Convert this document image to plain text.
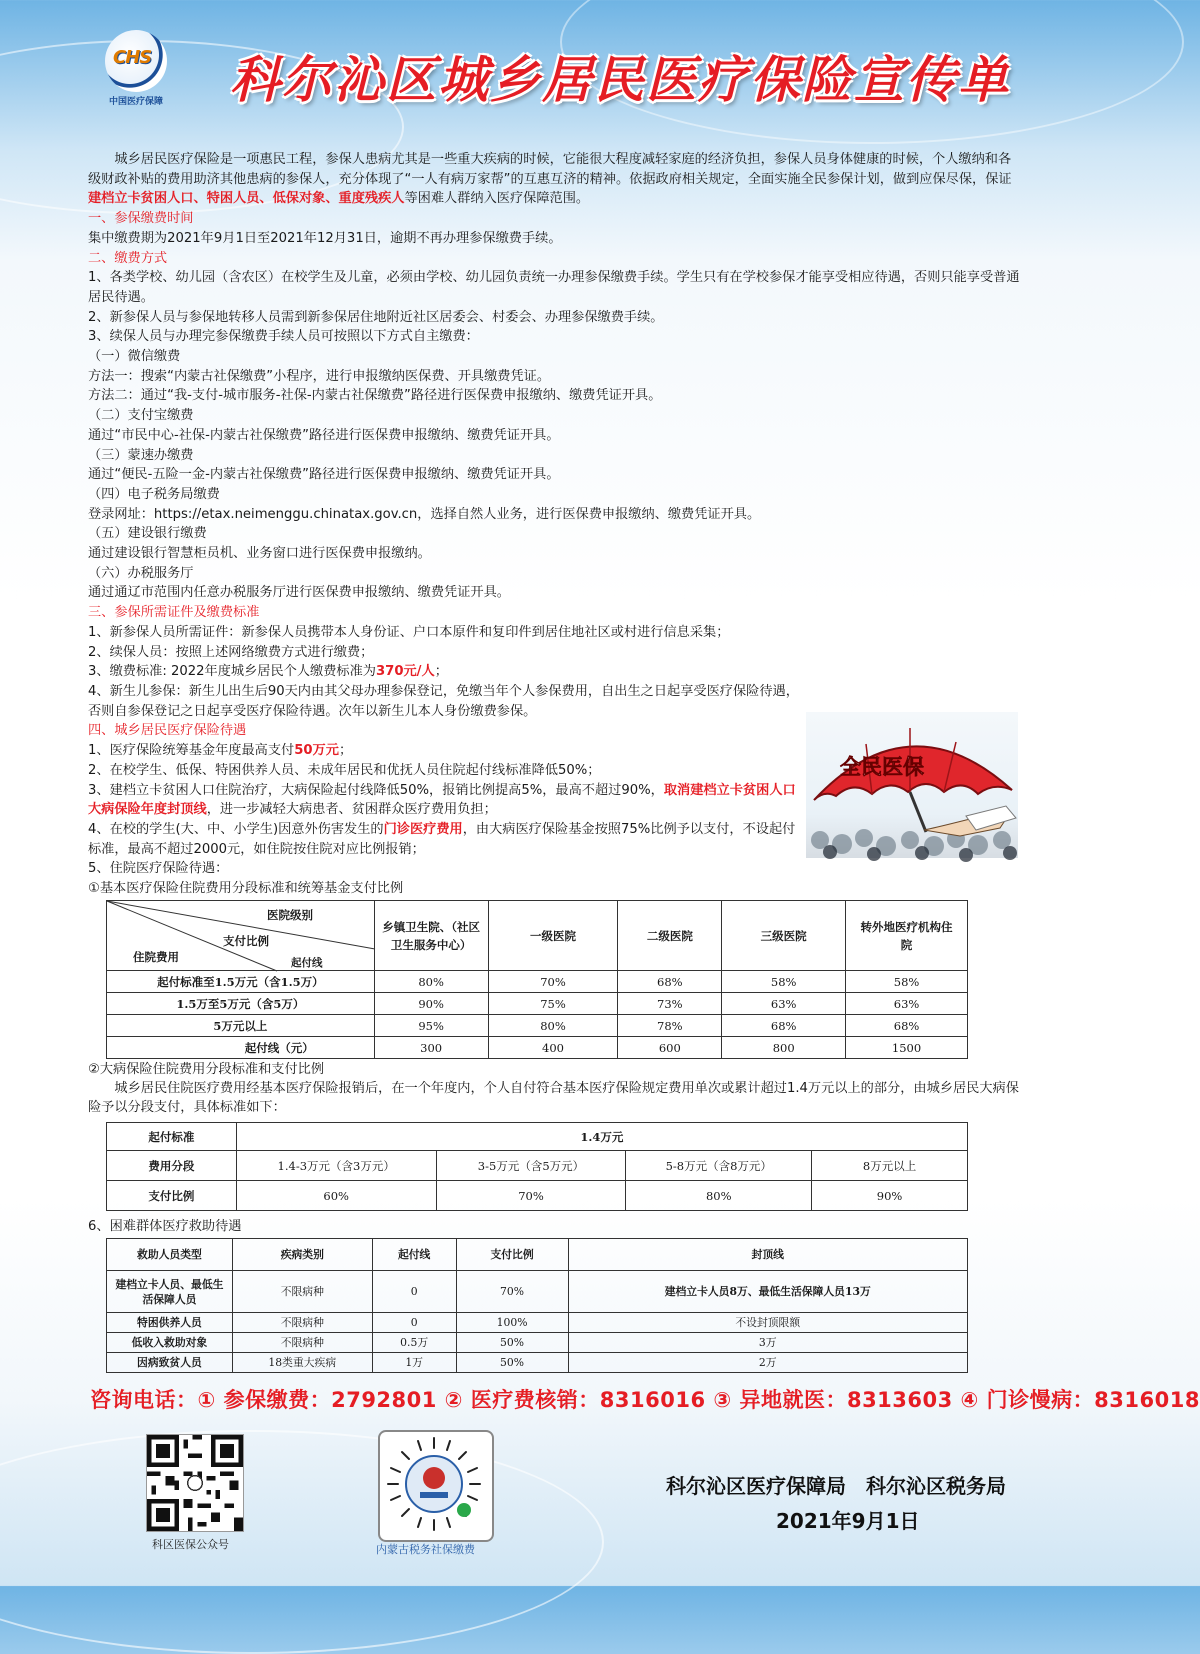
CHS
中国医疗保障 科尔沁区城乡居民医疗保险宣传单

城乡居民医疗保险是一项惠民工程，参保人患病尤其是一些重大疾病的时候，它能很大程度减轻家庭的经济负担，参保人员身体健康的时候，个人缴纳和各级财政补贴的费用助济其他患病的参保人，充分体现了“一人有病万家帮”的互惠互济的精神。依据政府相关规定，全面实施全民参保计划，做到应保尽保，保证建档立卡贫困人口、特困人员、低保对象、重度残疾人等困难人群纳入医疗保障范围。

一、参保缴费时间

集中缴费期为2021年9月1日至2021年12月31日，逾期不再办理参保缴费手续。

二、缴费方式

1、各类学校、幼儿园（含农区）在校学生及儿童，必须由学校、幼儿园负责统一办理参保缴费手续。学生只有在学校参保才能享受相应待遇，否则只能享受普通居民待遇。

2、新参保人员与参保地转移人员需到新参保居住地附近社区居委会、村委会、办理参保缴费手续。

3、续保人员与办理完参保缴费手续人员可按照以下方式自主缴费：

（一）微信缴费

方法一：搜索“内蒙古社保缴费”小程序，进行申报缴纳医保费、开具缴费凭证。

方法二：通过“我-支付-城市服务-社保-内蒙古社保缴费”路径进行医保费申报缴纳、缴费凭证开具。

（二）支付宝缴费

通过“市民中心-社保-内蒙古社保缴费”路径进行医保费申报缴纳、缴费凭证开具。

（三）蒙速办缴费

通过“便民-五险一金-内蒙古社保缴费”路径进行医保费申报缴纳、缴费凭证开具。

（四）电子税务局缴费

登录网址：https://etax.neimenggu.chinatax.gov.cn，选择自然人业务，进行医保费申报缴纳、缴费凭证开具。

（五）建设银行缴费

通过建设银行智慧柜员机、业务窗口进行医保费申报缴纳。

（六）办税服务厅

通过通辽市范围内任意办税服务厅进行医保费申报缴纳、缴费凭证开具。

三、参保所需证件及缴费标准

1、新参保人员所需证件：新参保人员携带本人身份证、户口本原件和复印件到居住地社区或村进行信息采集；

2、续保人员：按照上述网络缴费方式进行缴费；

3、缴费标准: 2022年度城乡居民个人缴费标准为370元/人；

4、新生儿参保：新生儿出生后90天内由其父母办理参保登记，免缴当年个人参保费用，自出生之日起享受医疗保险待遇，否则自参保登记之日起享受医疗保险待遇。次年以新生儿本人身份缴费参保。

四、城乡居民医疗保险待遇

1、医疗保险统筹基金年度最高支付50万元；

2、在校学生、低保、特困供养人员、未成年居民和优抚人员住院起付线标准降低50%；

3、建档立卡贫困人口住院治疗，大病保险起付线降低50%，报销比例提高5%，最高不超过90%，取消建档立卡贫困人口大病保险年度封顶线，进一步减轻大病患者、贫困群众医疗费用负担；

4、在校的学生(大、中、小学生)因意外伤害发生的门诊医疗费用，由大病医疗保险基金按照75%比例予以支付，不设起付标准，最高不超过2000元，如住院按住院对应比例报销；

5、住院医疗保险待遇：

①基本医疗保险住院费用分段标准和统筹基金支付比例

全民医保
医院级别
支付比例
住院费用 起付线	乡镇卫生院、（社区卫生服务中心）	一级医院	二级医院	三级医院	转外地医疗机构住院
起付标准至1.5万元（含1.5万）	80%	70%	68%	58%	58%
1.5万至5万元（含5万）	90%	75%	73%	63%	63%
5万元以上	95%	80%	78%	68%	68%
起付线（元）	300	400	600	800	1500

②大病保险住院费用分段标准和支付比例

城乡居民住院医疗费用经基本医疗保险报销后，在一个年度内，个人自付符合基本医疗保险规定费用单次或累计超过1.4万元以上的部分，由城乡居民大病保险予以分段支付，具体标准如下：

起付标准	1.4万元			
费用分段	1.4-3万元（含3万元）	3-5万元（含5万元）	5-8万元（含8万元）	8万元以上
支付比例	60%	70%	80%	90%
6、困难群体医疗救助待遇
救助人员类型	疾病类别	起付线	支付比例	封顶线
建档立卡人员、最低生活保障人员	不限病种	0	70%	建档立卡人员8万、最低生活保障人员13万
特困供养人员	不限病种	0	100%	不设封顶限额
低收入救助对象	不限病种	0.5万	50%	3万
因病致贫人员	18类重大疾病	1万	50%	2万
咨询电话：① 参保缴费：2792801 ② 医疗费核销：8316016 ③ 异地就医：8313603 ④ 门诊慢病：8316018
科区医保公众号	内蒙古税务社保缴费
科尔沁区医疗保障局　科尔沁区税务局
2021年9月1日
